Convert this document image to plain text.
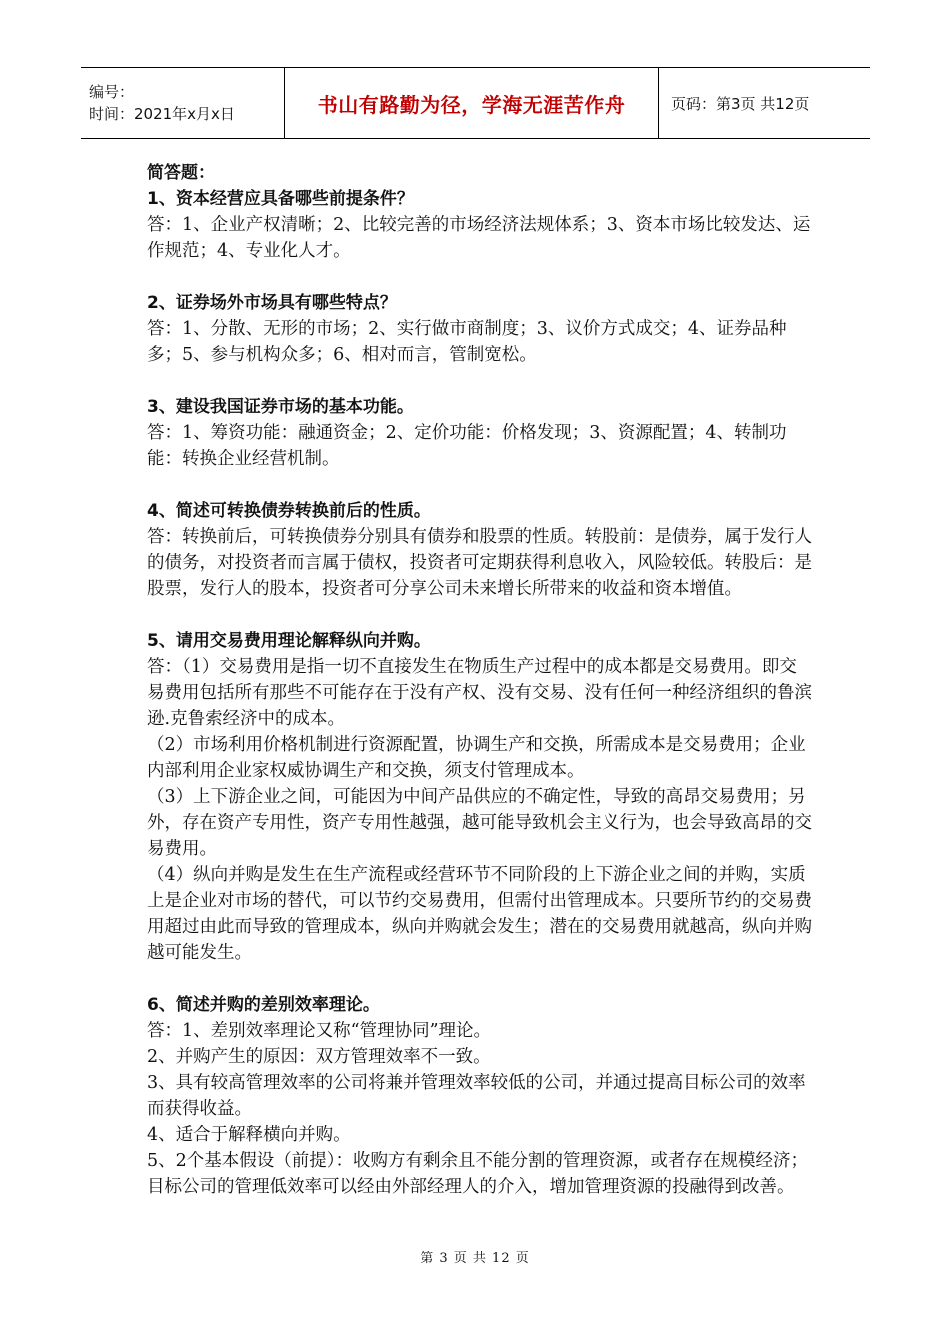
编号：
时间：2021年x月x日	书山有路勤为径，学海无涯苦作舟	页码：第3页 共12页

简答题：

1、资本经营应具备哪些前提条件？

答：1、企业产权清晰；2、比较完善的市场经济法规体系；3、资本市场比较发达、运作规范；4、专业化人才。

2、证券场外市场具有哪些特点？

答：1、分散、无形的市场；2、实行做市商制度；3、议价方式成交；4、证券品种多；5、参与机构众多；6、相对而言，管制宽松。

3、建设我国证券市场的基本功能。

答：1、筹资功能：融通资金；2、定价功能：价格发现；3、资源配置；4、转制功能：转换企业经营机制。

4、简述可转换债券转换前后的性质。

答：转换前后，可转换债券分别具有债券和股票的性质。转股前：是债券，属于发行人的债务，对投资者而言属于债权，投资者可定期获得利息收入，风险较低。转股后：是股票，发行人的股本，投资者可分享公司未来增长所带来的收益和资本增值。

5、请用交易费用理论解释纵向并购。

答：（1）交易费用是指一切不直接发生在物质生产过程中的成本都是交易费用。即交易费用包括所有那些不可能存在于没有产权、没有交易、没有任何一种经济组织的鲁滨逊.克鲁索经济中的成本。

（2）市场利用价格机制进行资源配置，协调生产和交换，所需成本是交易费用；企业内部利用企业家权威协调生产和交换，须支付管理成本。

（3）上下游企业之间，可能因为中间产品供应的不确定性，导致的高昂交易费用；另外，存在资产专用性，资产专用性越强，越可能导致机会主义行为，也会导致高昂的交易费用。

（4）纵向并购是发生在生产流程或经营环节不同阶段的上下游企业之间的并购，实质上是企业对市场的替代，可以节约交易费用，但需付出管理成本。只要所节约的交易费用超过由此而导致的管理成本，纵向并购就会发生；潜在的交易费用就越高，纵向并购越可能发生。

6、简述并购的差别效率理论。

答：1、差别效率理论又称“管理协同”理论。

2、并购产生的原因：双方管理效率不一致。

3、具有较高管理效率的公司将兼并管理效率较低的公司，并通过提高目标公司的效率而获得收益。

4、适合于解释横向并购。

5、2个基本假设（前提）：收购方有剩余且不能分割的管理资源，或者存在规模经济；目标公司的管理低效率可以经由外部经理人的介入，增加管理资源的投融得到改善。

第 3 页 共 12 页
